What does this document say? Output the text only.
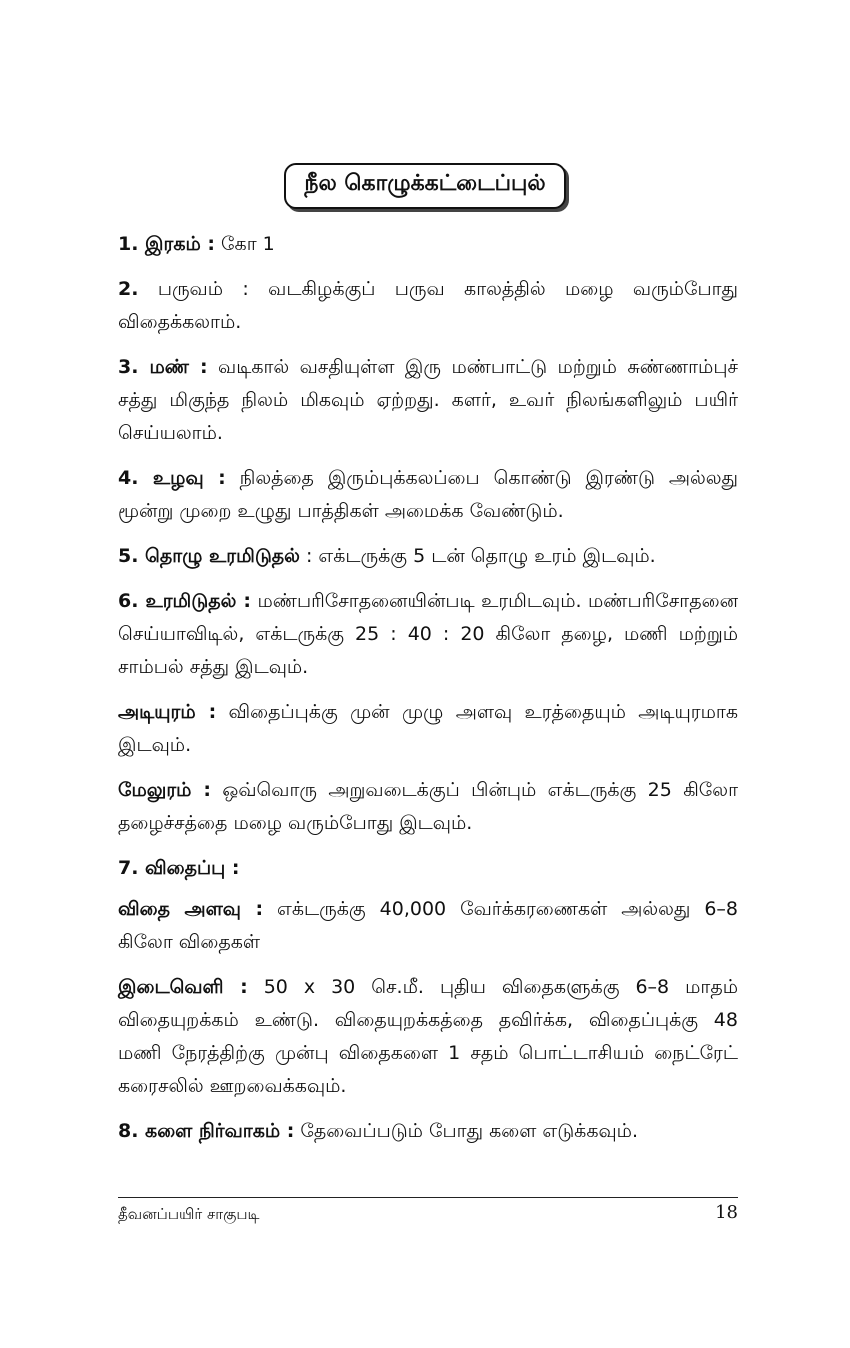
நீல கொழுக்கட்டைப்புல்

1. இரகம் : கோ 1

2. பருவம் : வடகிழக்குப் பருவ காலத்தில் மழை வரும்போது விதைக்கலாம்.

3. மண் : வடிகால் வசதியுள்ள இரு மண்பாட்டு மற்றும் சுண்ணாம்புச் சத்து மிகுந்த நிலம் மிகவும் ஏற்றது. களர், உவர் நிலங்களிலும் பயிர் செய்யலாம்.

4. உழவு : நிலத்தை இரும்புக்கலப்பை கொண்டு இரண்டு அல்லது மூன்று முறை உழுது பாத்திகள் அமைக்க வேண்டும்.

5. தொழு உரமிடுதல் : எக்டருக்கு 5 டன் தொழு உரம் இடவும்.

6. உரமிடுதல் : மண்பரிசோதனையின்படி உரமிடவும். மண்பரிசோதனை செய்யாவிடில், எக்டருக்கு 25 : 40 : 20 கிலோ தழை, மணி மற்றும் சாம்பல் சத்து இடவும்.

அடியுரம் : விதைப்புக்கு முன் முழு அளவு உரத்தையும் அடியுரமாக இடவும்.

மேலுரம் : ஒவ்வொரு அறுவடைக்குப் பின்பும் எக்டருக்கு 25 கிலோ தழைச்சத்தை மழை வரும்போது இடவும்.

7. விதைப்பு :

விதை அளவு : எக்டருக்கு 40,000 வேர்க்கரணைகள் அல்லது 6–8 கிலோ விதைகள்

இடைவெளி : 50 x 30 செ.மீ. புதிய விதைகளுக்கு 6–8 மாதம் விதையுறக்கம் உண்டு. விதையுறக்கத்தை தவிர்க்க, விதைப்புக்கு 48 மணி நேரத்திற்கு முன்பு விதைகளை 1 சதம் பொட்டாசியம் நைட்ரேட் கரைசலில் ஊறவைக்கவும்.

8. களை நிர்வாகம் : தேவைப்படும் போது களை எடுக்கவும்.

தீவனப்பயிர் சாகுபடி	18
